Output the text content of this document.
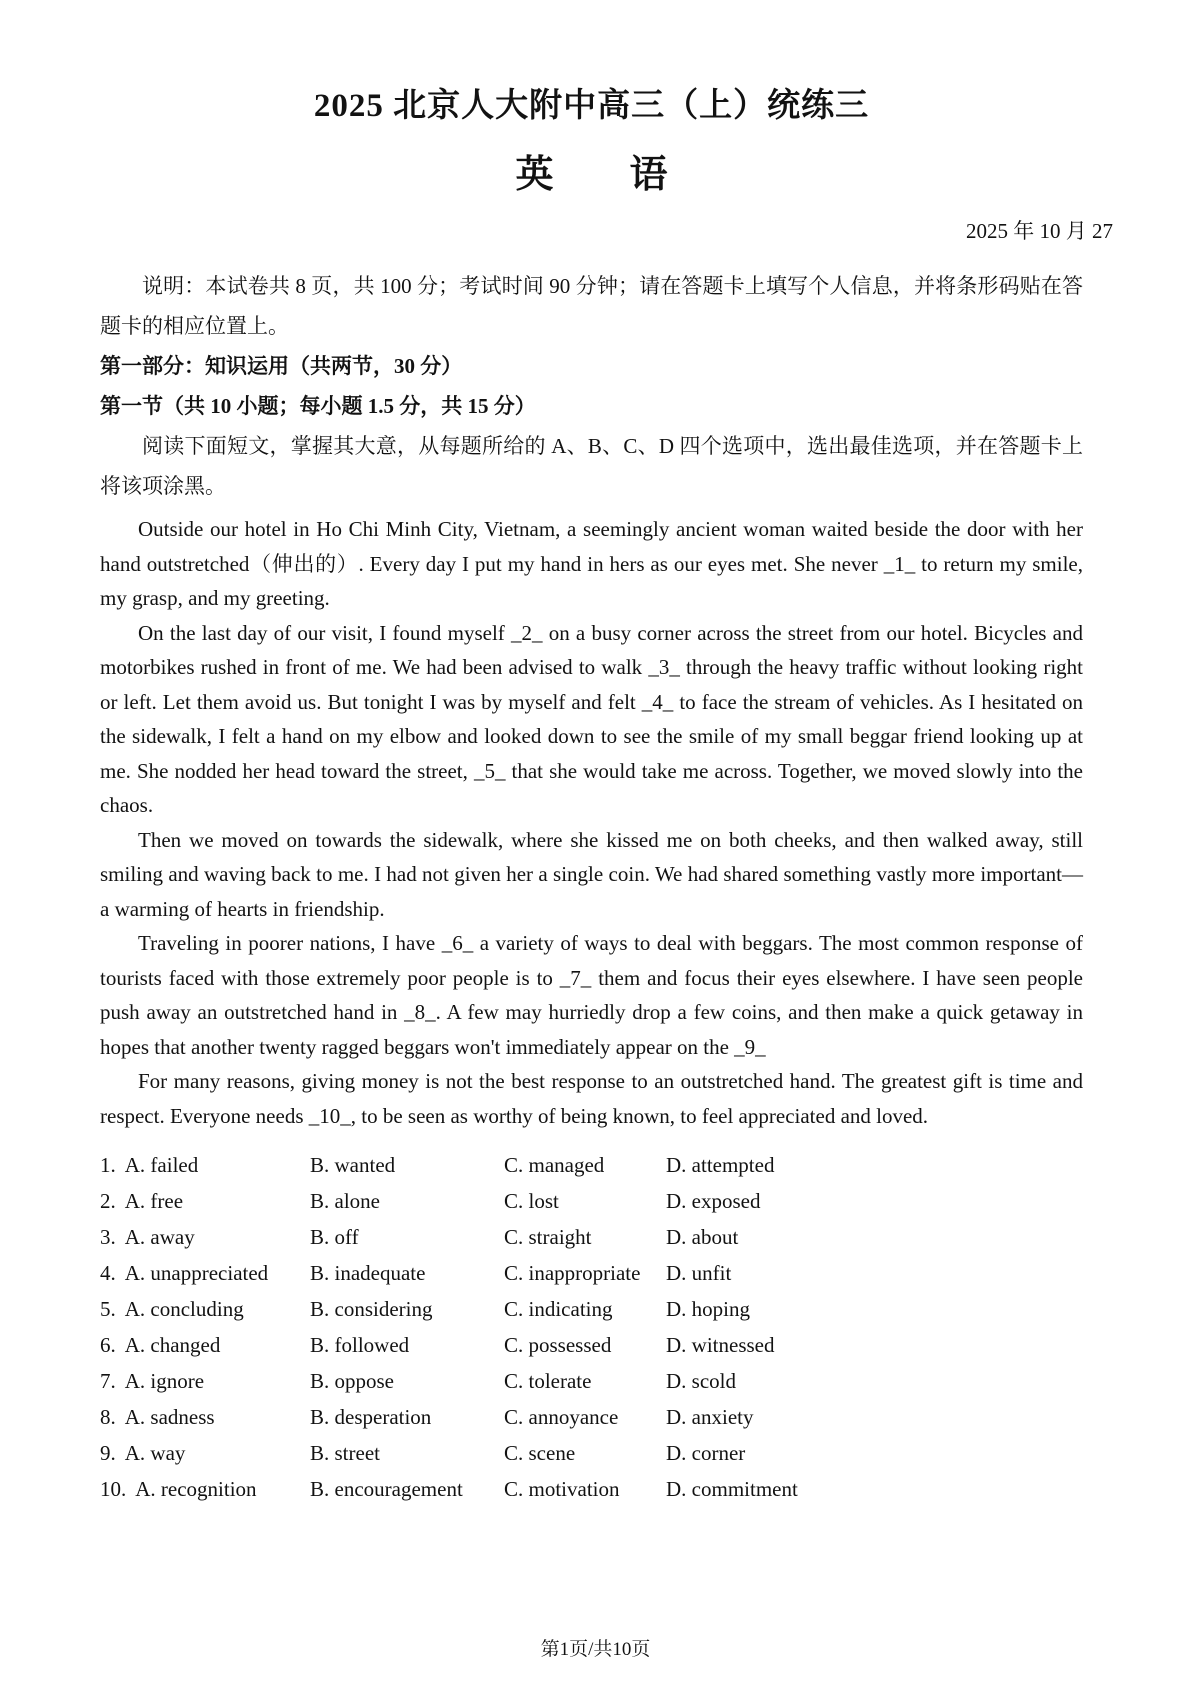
2025 北京人大附中高三（上）统练三
英　　语
2025 年 10 月 27

说明：本试卷共 8 页，共 100 分；考试时间 90 分钟；请在答题卡上填写个人信息，并将条形码贴在答题卡的相应位置上。

第一部分：知识运用（共两节，30 分）

第一节（共 10 小题；每小题 1.5 分，共 15 分）

阅读下面短文，掌握其大意，从每题所给的 A、B、C、D 四个选项中，选出最佳选项，并在答题卡上将该项涂黑。

Outside our hotel in Ho Chi Minh City, Vietnam, a seemingly ancient woman waited beside the door with her hand outstretched（伸出的）. Every day I put my hand in hers as our eyes met. She never _1_ to return my smile, my grasp, and my greeting.

On the last day of our visit, I found myself _2_ on a busy corner across the street from our hotel. Bicycles and motorbikes rushed in front of me. We had been advised to walk _3_ through the heavy traffic without looking right or left. Let them avoid us. But tonight I was by myself and felt _4_ to face the stream of vehicles. As I hesitated on the sidewalk, I felt a hand on my elbow and looked down to see the smile of my small beggar friend looking up at me. She nodded her head toward the street, _5_ that she would take me across. Together, we moved slowly into the chaos.

Then we moved on towards the sidewalk, where she kissed me on both cheeks, and then walked away, still smiling and waving back to me. I had not given her a single coin. We had shared something vastly more important—a warming of hearts in friendship.

Traveling in poorer nations, I have _6_ a variety of ways to deal with beggars. The most common response of tourists faced with those extremely poor people is to _7_ them and focus their eyes elsewhere. I have seen people push away an outstretched hand in _8_. A few may hurriedly drop a few coins, and then make a quick getaway in hopes that another twenty ragged beggars won't immediately appear on the _9_

For many reasons, giving money is not the best response to an outstretched hand. The greatest gift is time and respect. Everyone needs _10_, to be seen as worthy of being known, to feel appreciated and loved.

1. A. failed	B. wanted	C. managed	D. attempted
2. A. free	B. alone	C. lost	D. exposed
3. A. away	B. off	C. straight	D. about
4. A. unappreciated	B. inadequate	C. inappropriate	D. unfit
5. A. concluding	B. considering	C. indicating	D. hoping
6. A. changed	B. followed	C. possessed	D. witnessed
7. A. ignore	B. oppose	C. tolerate	D. scold
8. A. sadness	B. desperation	C. annoyance	D. anxiety
9. A. way	B. street	C. scene	D. corner
10. A. recognition	B. encouragement	C. motivation	D. commitment
第1页/共10页
